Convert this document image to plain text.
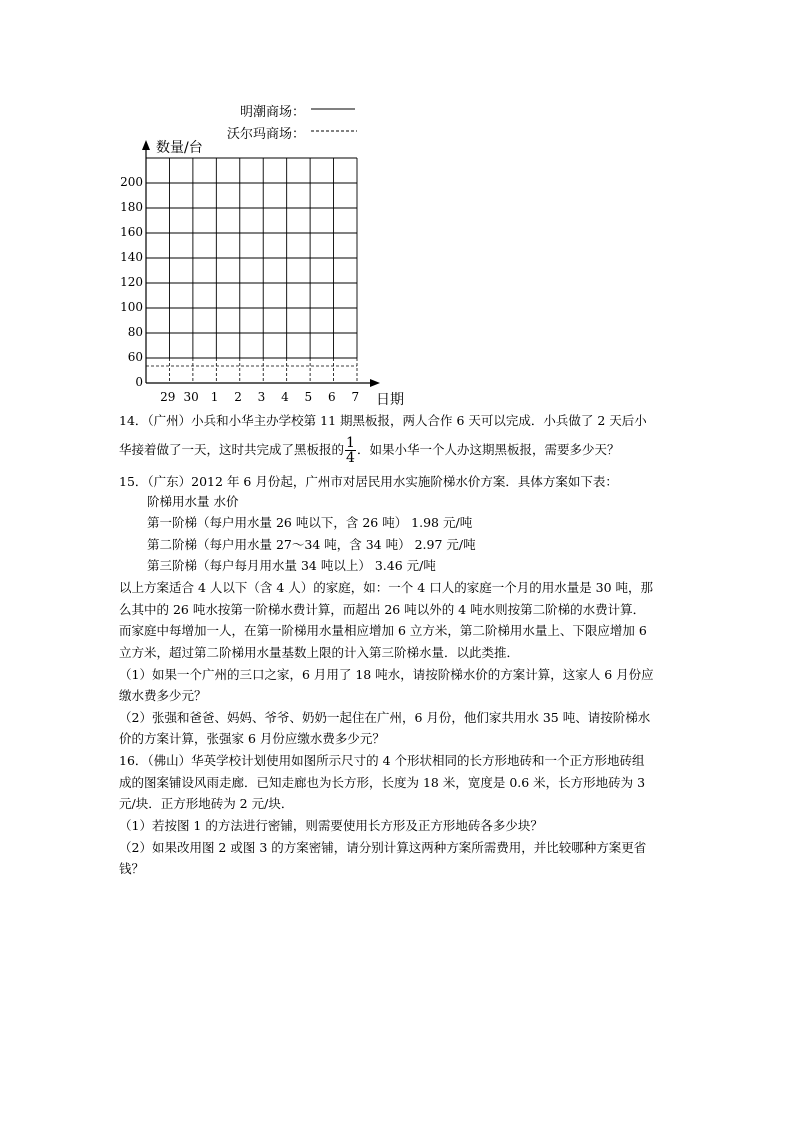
明潮商场：
沃尔玛商场：
数量/台
日期
200
180
160
140
120
100
80
60
0
29 30 1	2	3	4	5	6	7
14．（广州）小兵和小华主办学校第 11 期黑板报，两人合作 6 天可以完成．小兵做了 2 天后小
华接着做了一天，这时共完成了黑板报的 $\frac{1}{4}$ ．如果小华一个人办这期黑板报，需要多少天？
15．（广东）2012 年 6 月份起，广州市对居民用水实施阶梯水价方案．具体方案如下表：
阶梯用水量 水价
第一阶梯（每户用水量 26 吨以下，含 26 吨） 1.98 元/吨
第二阶梯（每户用水量 27～34 吨，含 34 吨） 2.97 元/吨
第三阶梯（每户每月用水量 34 吨以上） 3.46 元/吨
以上方案适合 4 人以下（含 4 人）的家庭，如：一个 4 口人的家庭一个月的用水量是 30 吨，那
么其中的 26 吨水按第一阶梯水费计算，而超出 26 吨以外的 4 吨水则按第二阶梯的水费计算．
而家庭中每增加一人，在第一阶梯用水量相应增加 6 立方米，第二阶梯用水量上、下限应增加 6
立方米，超过第二阶梯用水量基数上限的计入第三阶梯水量．以此类推．
（1）如果一个广州的三口之家，6 月用了 18 吨水，请按阶梯水价的方案计算，这家人 6 月份应
缴水费多少元？
（2）张强和爸爸、妈妈、爷爷、奶奶一起住在广州，6 月份，他们家共用水 35 吨、请按阶梯水
价的方案计算，张强家 6 月份应缴水费多少元？
16．（佛山）华英学校计划使用如图所示尺寸的 4 个形状相同的长方形地砖和一个正方形地砖组
成的图案铺设风雨走廊．已知走廊也为长方形，长度为 18 米，宽度是 0.6 米，长方形地砖为 3
元/块．正方形地砖为 2 元/块．
（1）若按图 1 的方法进行密铺，则需要使用长方形及正方形地砖各多少块？
（2）如果改用图 2 或图 3 的方案密铺，请分别计算这两种方案所需费用，并比较哪种方案更省
钱？
